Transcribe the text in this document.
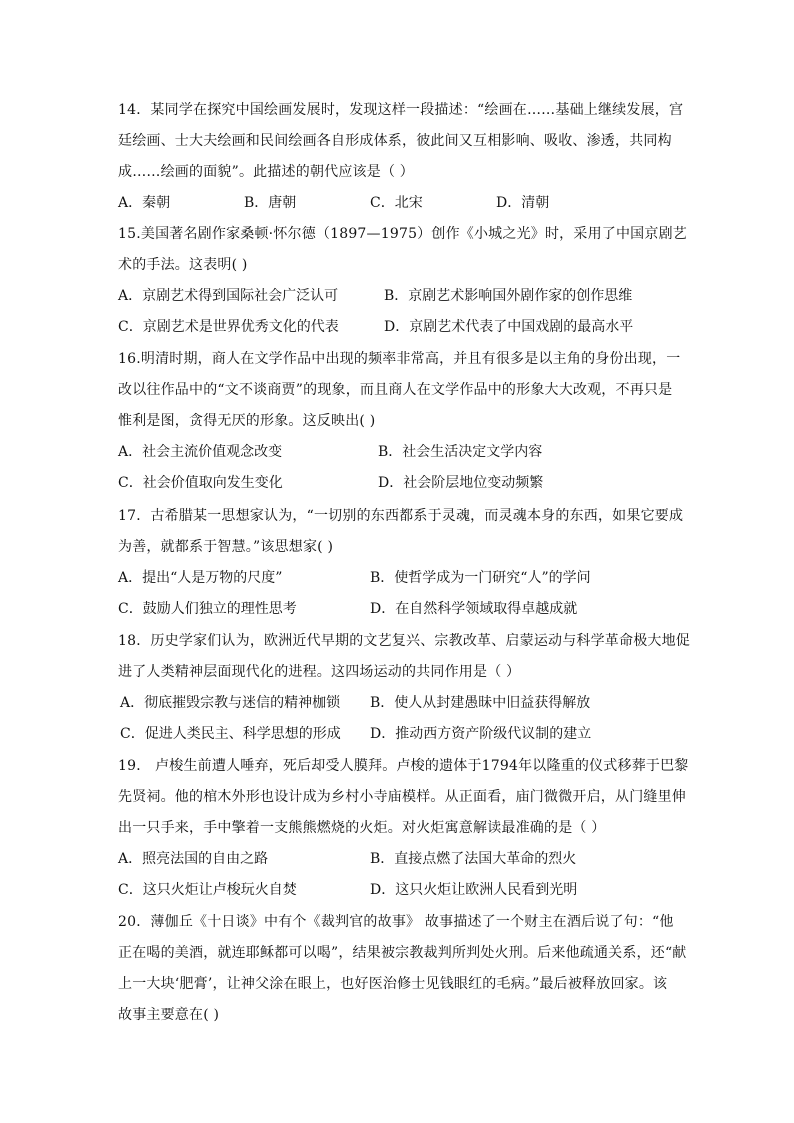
14．某同学在探究中国绘画发展时，发现这样一段描述：“绘画在……基础上继续发展，宫
廷绘画、士大夫绘画和民间绘画各自形成体系，彼此间又互相影响、吸收、渗透，共同构
成……绘画的面貌”。此描述的朝代应该是（ ）
A．秦朝	B．唐朝	C．北宋	D．清朝
15.美国著名剧作家桑顿·怀尔德（1897—1975）创作《小城之光》时，采用了中国京剧艺
术的手法。这表明( )
A．京剧艺术得到国际社会广泛认可	B．京剧艺术影响国外剧作家的创作思维
C．京剧艺术是世界优秀文化的代表	D．京剧艺术代表了中国戏剧的最高水平
16.明清时期，商人在文学作品中出现的频率非常高，并且有很多是以主角的身份出现，一
改以往作品中的“文不谈商贾”的现象，而且商人在文学作品中的形象大大改观，不再只是
惟利是图，贪得无厌的形象。这反映出( )
A．社会主流价值观念改变	B．社会生活决定文学内容
C．社会价值取向发生变化	D．社会阶层地位变动频繁
17．古希腊某一思想家认为，“一切别的东西都系于灵魂，而灵魂本身的东西，如果它要成
为善，就都系于智慧。”该思想家( )
A．提出“人是万物的尺度”	B．使哲学成为一门研究“人”的学问
C．鼓励人们独立的理性思考	D．在自然科学领域取得卓越成就
18．历史学家们认为，欧洲近代早期的文艺复兴、宗教改革、启蒙运动与科学革命极大地促
进了人类精神层面现代化的进程。这四场运动的共同作用是（ ）
A．彻底摧毁宗教与迷信的精神枷锁 B．使人从封建愚昧中旧益获得解放
C．促进人类民主、科学思想的形成 D．推动西方资产阶级代议制的建立
19． 卢梭生前遭人唾弃，死后却受人膜拜。卢梭的遗体于1794年以隆重的仪式移葬于巴黎
先贤祠。他的棺木外形也设计成为乡村小寺庙模样。从正面看，庙门微微开启，从门缝里伸
出一只手来，手中擎着一支熊熊燃烧的火炬。对火炬寓意解读最准确的是（ ）
A．照亮法国的自由之路	B．直接点燃了法国大革命的烈火
C．这只火炬让卢梭玩火自焚	D．这只火炬让欧洲人民看到光明
20．薄伽丘《十日谈》中有个《裁判官的故事》 故事描述了一个财主在酒后说了句：“他
正在喝的美酒，就连耶稣都可以喝”，结果被宗教裁判所判处火刑。后来他疏通关系，还“献
上一大块‘肥膏’，让神父涂在眼上，也好医治修士见钱眼红的毛病。”最后被释放回家。该
故事主要意在( )
